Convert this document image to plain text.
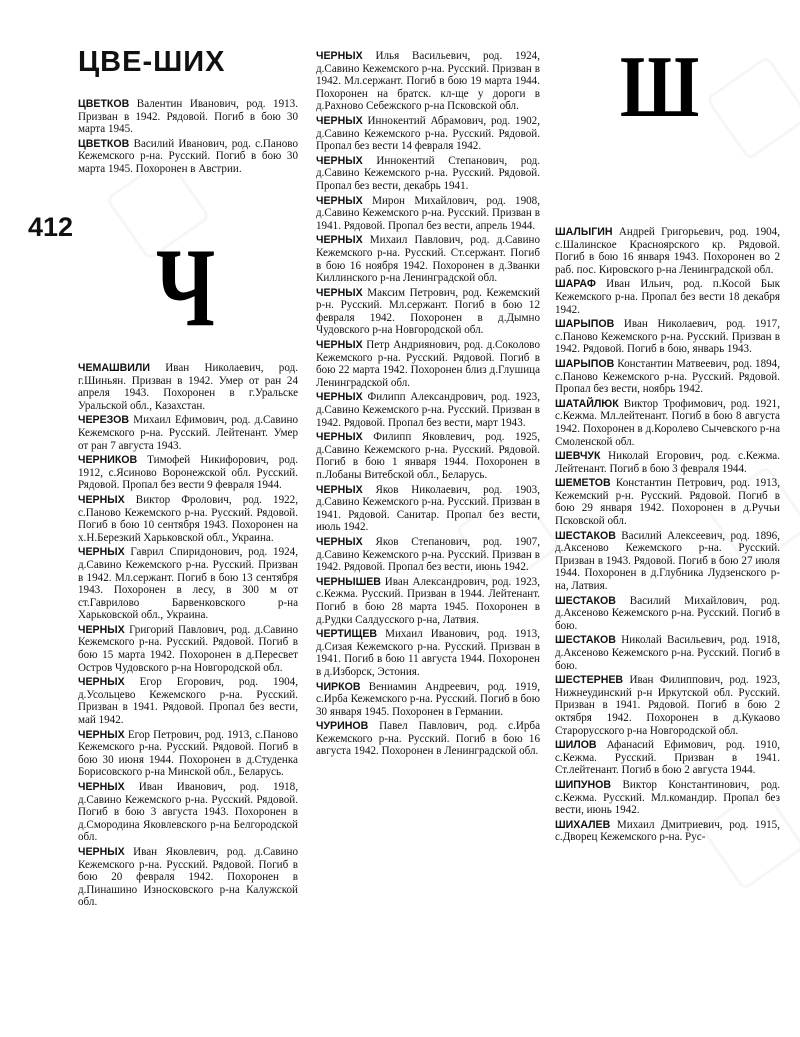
ЦВЕ-ШИХ
412 Ч
Ш

ЦВЕТКОВ Валентин Иванович, род. 1913. Призван в 1942. Рядовой. Погиб в бою 30 марта 1945.

ЦВЕТКОВ Василий Иванович, род. с.Паново Кежемского р-на. Русский. Погиб в бою 30 марта 1945. Похоронен в Австрии.

ЧЕМАШВИЛИ Иван Николаевич, род. г.Шиньян. Призван в 1942. Умер от ран 24 апреля 1943. Похоронен в г.Уральске Уральской обл., Казахстан.

ЧЕРЕЗОВ Михаил Ефимович, род. д.Савино Кежемского р-на. Русский. Лейтенант. Умер от ран 7 августа 1943.

ЧЕРНИКОВ Тимофей Никифорович, род. 1912, с.Ясиново Воронежской обл. Русский. Рядовой. Пропал без вести 9 февраля 1944.

ЧЕРНЫХ Виктор Фролович, род. 1922, с.Паново Кежемского р-на. Русский. Рядовой. Погиб в бою 10 сентября 1943. Похоронен на х.Н.Березкий Харьковской обл., Украина.

ЧЕРНЫХ Гаврил Спиридонович, род. 1924, д.Савино Кежемского р-на. Русский. Призван в 1942. Мл.сержант. Погиб в бою 13 сентября 1943. Похоронен в лесу, в 300 м от ст.Гаврилово Барвенковского р-на Харьковской обл., Украина.

ЧЕРНЫХ Григорий Павлович, род. д.Савино Кежемского р-на. Русский. Рядовой. Погиб в бою 15 марта 1942. Похоронен в д.Пересвет Остров Чудовского р-на Новгородской обл.

ЧЕРНЫХ Егор Егорович, род. 1904, д.Усольцево Кежемского р-на. Русский. Призван в 1941. Рядовой. Пропал без вести, май 1942.

ЧЕРНЫХ Егор Петрович, род. 1913, с.Паново Кежемского р-на. Русский. Рядовой. Погиб в бою 30 июня 1944. Похоронен в д.Студенка Борисовского р-на Минской обл., Беларусь.

ЧЕРНЫХ Иван Иванович, род. 1918, д.Савино Кежемского р-на. Русский. Рядовой. Погиб в бою 3 августа 1943. Похоронен в д.Смородина Яковлевского р-на Белгородской обл.

ЧЕРНЫХ Иван Яковлевич, род. д.Савино Кежемского р-на. Русский. Рядовой. Погиб в бою 20 февраля 1942. Похоронен в д.Пинашино Износковского р-на Калужской обл.

ЧЕРНЫХ Илья Васильевич, род. 1924, д.Савино Кежемского р-на. Русский. Призван в 1942. Мл.сержант. Погиб в бою 19 марта 1944. Похоронен на братск. кл-ще у дороги в д.Рахново Себежского р-на Псковской обл.

ЧЕРНЫХ Иннокентий Абрамович, род. 1902, д.Савино Кежемского р-на. Русский. Рядовой. Пропал без вести 14 февраля 1942.

ЧЕРНЫХ Иннокентий Степанович, род. д.Савино Кежемского р-на. Русский. Рядовой. Пропал без вести, декабрь 1941.

ЧЕРНЫХ Мирон Михайлович, род. 1908, д.Савино Кежемского р-на. Русский. Призван в 1941. Рядовой. Пропал без вести, апрель 1944.

ЧЕРНЫХ Михаил Павлович, род. д.Савино Кежемского р-на. Русский. Ст.сержант. Погиб в бою 16 ноября 1942. Похоронен в д.Званки Киллинского р-на Ленинградской обл.

ЧЕРНЫХ Максим Петрович, род. Кежемский р-н. Русский. Мл.сержант. Погиб в бою 12 февраля 1942. Похоронен в д.Дымно Чудовского р-на Новгородской обл.

ЧЕРНЫХ Петр Андриянович, род. д.Соколово Кежемского р-на. Русский. Рядовой. Погиб в бою 22 марта 1942. Похоронен близ д.Глушица Ленинградской обл.

ЧЕРНЫХ Филипп Александрович, род. 1923, д.Савино Кежемского р-на. Русский. Призван в 1942. Рядовой. Пропал без вести, март 1943.

ЧЕРНЫХ Филипп Яковлевич, род. 1925, д.Савино Кежемского р-на. Русский. Рядовой. Погиб в бою 1 января 1944. Похоронен в п.Лобаны Витебской обл., Беларусь.

ЧЕРНЫХ Яков Николаевич, род. 1903, д.Савино Кежемского р-на. Русский. Призван в 1941. Рядовой. Санитар. Пропал без вести, июль 1942.

ЧЕРНЫХ Яков Степанович, род. 1907, д.Савино Кежемского р-на. Русский. Призван в 1942. Рядовой. Пропал без вести, июнь 1942.

ЧЕРНЫШЕВ Иван Александрович, род. 1923, с.Кежма. Русский. Призван в 1944. Лейтенант. Погиб в бою 28 марта 1945. Похоронен в д.Рудки Салдусского р-на, Латвия.

ЧЕРТИЩЕВ Михаил Иванович, род. 1913, д.Сизая Кежемского р-на. Русский. Призван в 1941. Погиб в бою 11 августа 1944. Похоронен в д.Изборск, Эстония.

ЧИРКОВ Вениамин Андреевич, род. 1919, с.Ирба Кежемского р-на. Русский. Погиб в бою 30 января 1945. Похоронен в Германии.

ЧУРИНОВ Павел Павлович, род. с.Ирба Кежемского р-на. Русский. Погиб в бою 16 августа 1942. Похоронен в Ленинградской обл.

ШАЛЫГИН Андрей Григорьевич, род. 1904, с.Шалинское Красноярского кр. Рядовой. Погиб в бою 16 января 1943. Похоронен во 2 раб. пос. Кировского р-на Ленинградской обл.

ШАРАФ Иван Ильич, род. п.Косой Бык Кежемского р-на. Пропал без вести 18 декабря 1942.

ШАРЫПОВ Иван Николаевич, род. 1917, с.Паново Кежемского р-на. Русский. Призван в 1942. Рядовой. Погиб в бою, январь 1943.

ШАРЫПОВ Константин Матвеевич, род. 1894, с.Паново Кежемского р-на. Русский. Рядовой. Пропал без вести, ноябрь 1942.

ШАТАЙЛЮК Виктор Трофимович, род. 1921, с.Кежма. Мл.лейтенант. Погиб в бою 8 августа 1942. Похоронен в д.Королево Сычевского р-на Смоленской обл.

ШЕВЧУК Николай Егорович, род. с.Кежма. Лейтенант. Погиб в бою 3 февраля 1944.

ШЕМЕТОВ Константин Петрович, род. 1913, Кежемский р-н. Русский. Рядовой. Погиб в бою 29 января 1942. Похоронен в д.Ручьи Псковской обл.

ШЕСТАКОВ Василий Алексеевич, род. 1896, д.Аксеново Кежемского р-на. Русский. Призван в 1943. Рядовой. Погиб в бою 27 июля 1944. Похоронен в д.Глубника Лудзенского р-на, Латвия.

ШЕСТАКОВ Василий Михайлович, род. д.Аксеново Кежемского р-на. Русский. Погиб в бою.

ШЕСТАКОВ Николай Васильевич, род. 1918, д.Аксеново Кежемского р-на. Русский. Погиб в бою.

ШЕСТЕРНЕВ Иван Филиппович, род. 1923, Нижнеудинский р-н Иркутской обл. Русский. Призван в 1941. Рядовой. Погиб в бою 2 октября 1942. Похоронен в д.Кукаово Старорусского р-на Новгородской обл.

ШИЛОВ Афанасий Ефимович, род. 1910, с.Кежма. Русский. Призван в 1941. Ст.лейтенант. Погиб в бою 2 августа 1944.

ШИПУНОВ Виктор Константинович, род. с.Кежма. Русский. Мл.командир. Пропал без вести, июнь 1942.

ШИХАЛЕВ Михаил Дмитриевич, род. 1915, с.Дворец Кежемского р-на. Рус-
